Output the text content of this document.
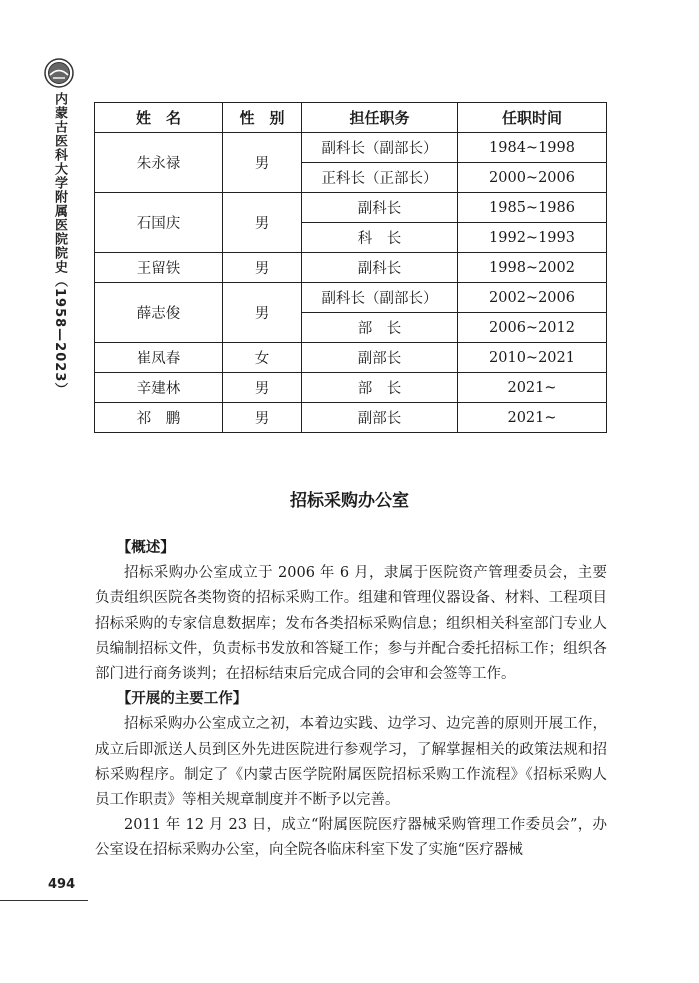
内蒙古医科大学附属医院院史（1958—2023）	姓　名	性　别	担任职务	任职时间
朱永禄	男	副科长（副部长）	1984~1998
		正科长（正部长）	2000~2006
石国庆	男	副科长	1985~1986
		科　长	1992~1993
王留铁	男	副科长	1998~2002
薛志俊	男	副科长（副部长）	2002~2006
		部　长	2006~2012
崔凤春	女	副部长	2010~2021
辛建林	男	部　长	2021~
祁　鹏	男	副部长	2021~
招标采购办公室
【概述】

招标采购办公室成立于 2006 年 6 月，隶属于医院资产管理委员会，主要负责组织医院各类物资的招标采购工作。组建和管理仪器设备、材料、工程项目招标采购的专家信息数据库；发布各类招标采购信息；组织相关科室部门专业人员编制招标文件，负责标书发放和答疑工作；参与并配合委托招标工作；组织各部门进行商务谈判；在招标结束后完成合同的会审和会签等工作。

【开展的主要工作】

招标采购办公室成立之初，本着边实践、边学习、边完善的原则开展工作，成立后即派送人员到区外先进医院进行参观学习，了解掌握相关的政策法规和招标采购程序。制定了《内蒙古医学院附属医院招标采购工作流程》《招标采购人员工作职责》等相关规章制度并不断予以完善。

2011 年 12 月 23 日，成立“附属医院医疗器械采购管理工作委员会”，办公室设在招标采购办公室，向全院各临床科室下发了实施“医疗器械

494
